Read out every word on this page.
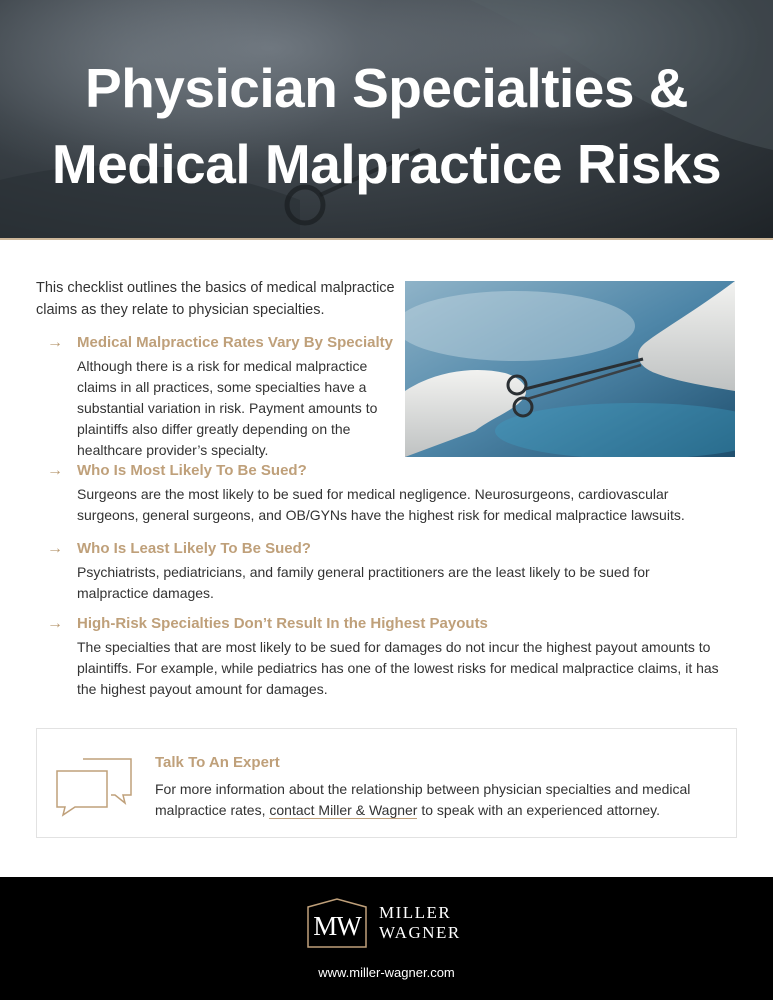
Physician Specialties &
Medical Malpractice Risks
This checklist outlines the basics of medical malpractice claims as they relate to physician specialties.
→ Medical Malpractice Rates Vary By Specialty
Although there is a risk for medical malpractice claims in all practices, some specialties have a substantial variation in risk. Payment amounts to plaintiffs also differ greatly depending on the healthcare provider’s specialty.
→ Who Is Most Likely To Be Sued?
Surgeons are the most likely to be sued for medical negligence. Neurosurgeons, cardiovascular surgeons, general surgeons, and OB/GYNs have the highest risk for medical malpractice lawsuits.
→ Who Is Least Likely To Be Sued?
Psychiatrists, pediatricians, and family general practitioners are the least likely to be sued for malpractice damages.
→ High-Risk Specialties Don’t Result In the Highest Payouts
The specialties that are most likely to be sued for damages do not incur the highest payout amounts to plaintiffs. For example, while pediatrics has one of the lowest risks for medical malpractice claims, it has the highest payout amount for damages.
Talk To An Expert
For more information about the relationship between physician specialties and medical malpractice rates, contact Miller & Wagner to speak with an experienced attorney.
MW	MILLER
WAGNER
www.miller-wagner.com
